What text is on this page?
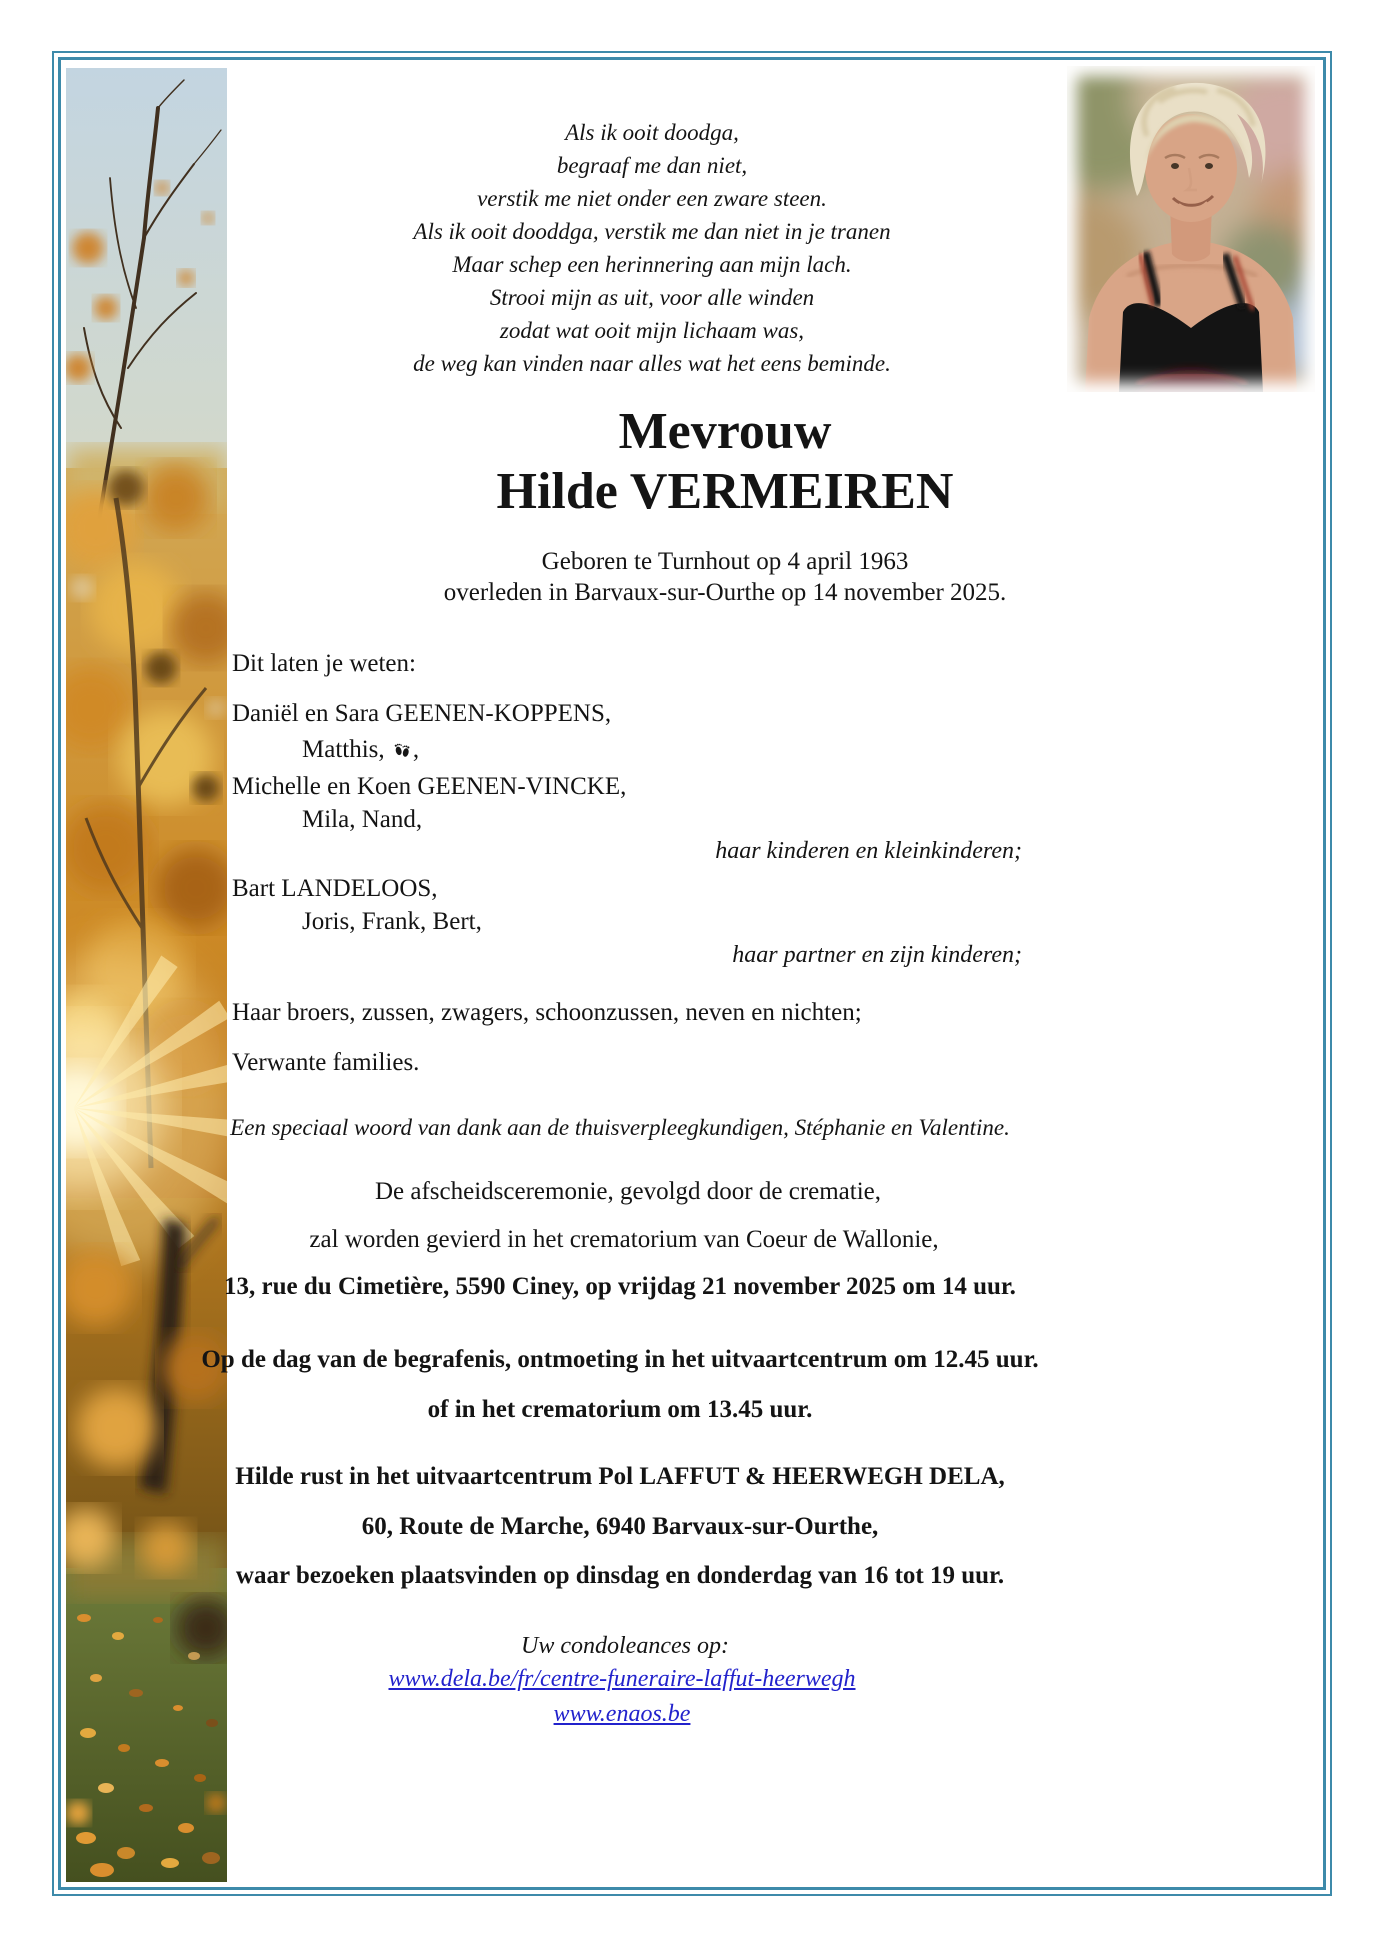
Als ik ooit doodga,
begraaf me dan niet,
verstik me niet onder een zware steen.
Als ik ooit dooddga, verstik me dan niet in je tranen
Maar schep een herinnering aan mijn lach.
Strooi mijn as uit, voor alle winden
zodat wat ooit mijn lichaam was,
de weg kan vinden naar alles wat het eens beminde.
Mevrouw
Hilde VERMEIREN
Geboren te Turnhout op 4 april 1963
overleden in Barvaux-sur-Ourthe op 14 november 2025.
Dit laten je weten:
Daniël en Sara GEENEN-KOPPENS,
Matthis, ,
Michelle en Koen GEENEN-VINCKE,
Mila, Nand,
haar kinderen en kleinkinderen;
Bart LANDELOOS,
Joris, Frank, Bert,
haar partner en zijn kinderen;
Haar broers, zussen, zwagers, schoonzussen, neven en nichten;
Verwante families.
Een speciaal woord van dank aan de thuisverpleegkundigen, Stéphanie en Valentine.
De afscheidsceremonie, gevolgd door de crematie,
zal worden gevierd in het crematorium van Coeur de Wallonie,
13, rue du Cimetière, 5590 Ciney, op vrijdag 21 november 2025 om 14 uur.
Op de dag van de begrafenis, ontmoeting in het uitvaartcentrum om 12.45 uur.
of in het crematorium om 13.45 uur.
Hilde rust in het uitvaartcentrum Pol LAFFUT & HEERWEGH DELA,
60, Route de Marche, 6940 Barvaux-sur-Ourthe,
waar bezoeken plaatsvinden op dinsdag en donderdag van 16 tot 19 uur.
Uw condoleances op:
www.dela.be/fr/centre-funeraire-laffut-heerwegh
www.enaos.be
